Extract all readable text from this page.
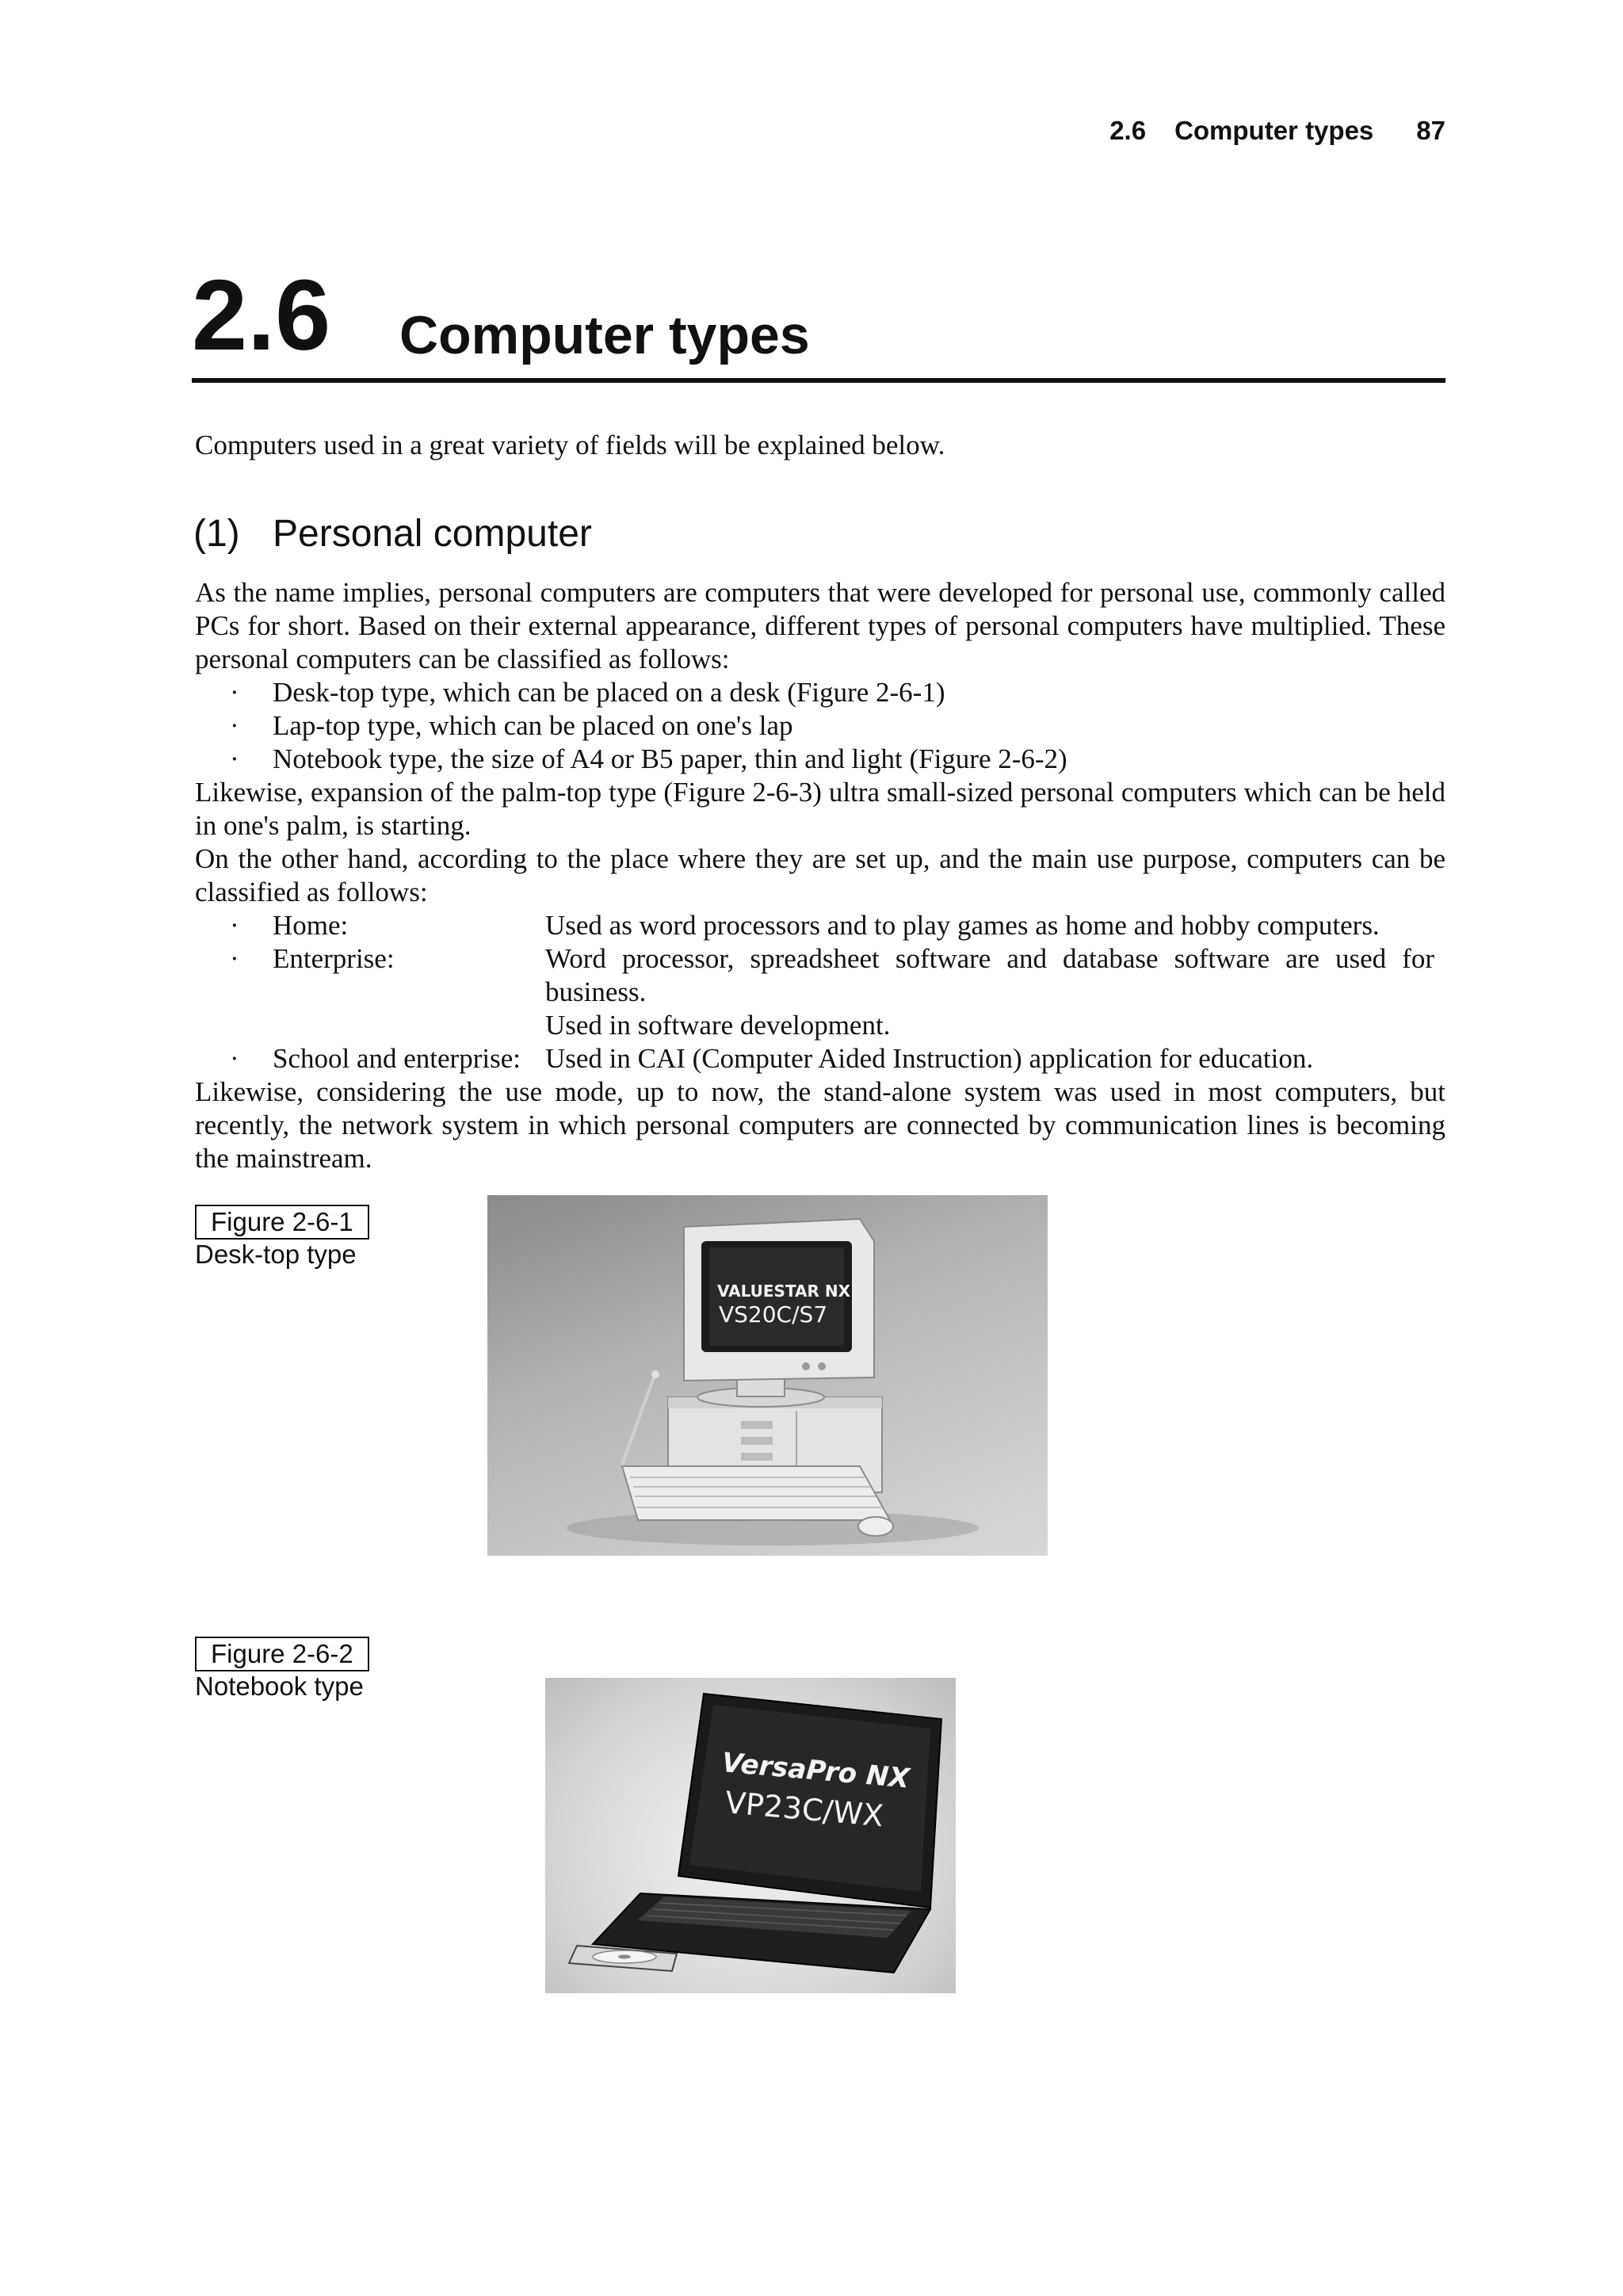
2.6 Computer types 87
2.6 Computer types
Computers used in a great variety of fields will be explained below.
(1) Personal computer

As the name implies, personal computers are computers that were developed for personal use, commonly called PCs for short. Based on their external appearance, different types of personal computers have multiplied. These personal computers can be classified as follows:

·	Desk-top type, which can be placed on a desk (Figure 2-6-1)
·	Lap-top type, which can be placed on one's lap
·	Notebook type, the size of A4 or B5 paper, thin and light (Figure 2-6-2)

Likewise, expansion of the palm-top type (Figure 2-6-3) ultra small-sized personal computers which can be held in one's palm, is starting.

On the other hand, according to the place where they are set up, and the main use purpose, computers can be classified as follows:

·	Home:	Used as word processors and to play games as home and hobby computers.
·	Enterprise:	Word processor, spreadsheet software and database software are used for business.
Used in software development.
·	School and enterprise: Used in CAI (Computer Aided Instruction) application for education.

Likewise, considering the use mode, up to now, the stand-alone system was used in most computers, but recently, the network system in which personal computers are connected by communication lines is becoming the mainstream.

Figure 2-6-1
Desk-top type
VALUESTAR NX
VS20C/S7
Figure 2-6-2
Notebook type
VersaPro NX
VP23C/WX
